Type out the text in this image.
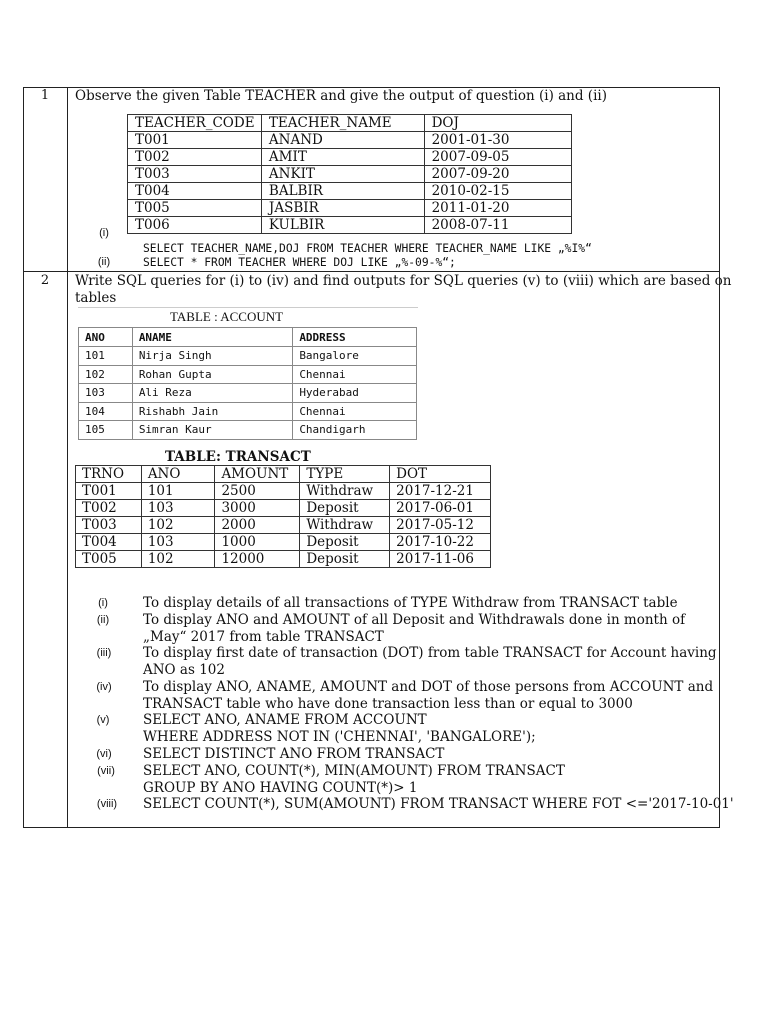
1	Observe the given Table TEACHER and give the output of question (i) and (ii)
TEACHER_CODE	TEACHER_NAME	DOJ
T001	ANAND	2001-01-30
T002	AMIT	2007-09-05
T003	ANKIT	2007-09-20
T004	BALBIR	2010-02-15
T005	JASBIR	2011-01-20
T006	KULBIR	2008-07-11
(i)
(ii)
SELECT TEACHER_NAME,DOJ FROM TEACHER WHERE TEACHER_NAME LIKE „%I%“
SELECT * FROM TEACHER WHERE DOJ LIKE „%-09-%“;
2	Write SQL queries for (i) to (iv) and find outputs for SQL queries (v) to (viii) which are based on
tables
TABLE : ACCOUNT
ANO	ANAME	ADDRESS
101	Nirja Singh	Bangalore
102	Rohan Gupta	Chennai
103	Ali Reza	Hyderabad
104	Rishabh Jain	Chennai
105	Simran Kaur	Chandigarh
TABLE: TRANSACT
TRNO	ANO	AMOUNT	TYPE	DOT
T001	101	2500	Withdraw	2017-12-21
T002	103	3000	Deposit	2017-06-01
T003	102	2000	Withdraw	2017-05-12
T004	103	1000	Deposit	2017-10-22
T005	102	12000	Deposit	2017-11-06
(i)	To display details of all transactions of TYPE Withdraw from TRANSACT table
(ii)	To display ANO and AMOUNT of all Deposit and Withdrawals done in month of
„May“ 2017 from table TRANSACT
(iii)	To display first date of transaction (DOT) from table TRANSACT for Account having
ANO as 102
(iv)	To display ANO, ANAME, AMOUNT and DOT of those persons from ACCOUNT and
TRANSACT table who have done transaction less than or equal to 3000
(v)	SELECT ANO, ANAME FROM ACCOUNT
WHERE ADDRESS NOT IN ('CHENNAI', 'BANGALORE');
(vi)	SELECT DISTINCT ANO FROM TRANSACT
(vii)	SELECT ANO, COUNT(*), MIN(AMOUNT) FROM TRANSACT
GROUP BY ANO HAVING COUNT(*)> 1
(viii)	SELECT COUNT(*), SUM(AMOUNT) FROM TRANSACT WHERE FOT <='2017-10-01'
